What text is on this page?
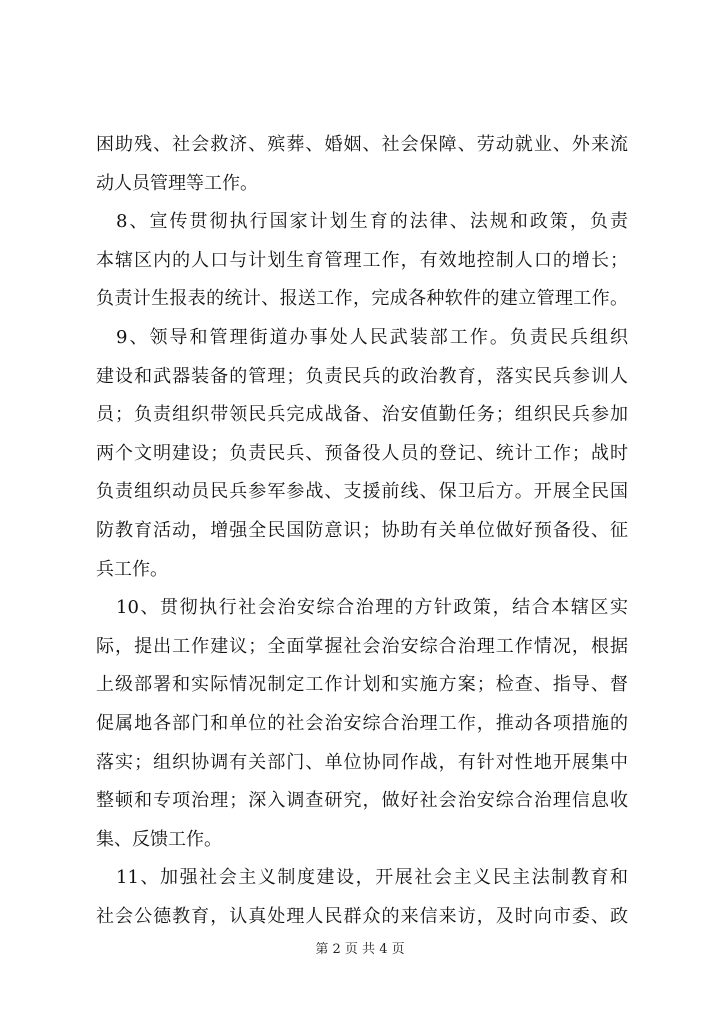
困助残、社会救济、殡葬、婚姻、社会保障、劳动就业、外来流
动人员管理等工作。
8、宣传贯彻执行国家计划生育的法律、法规和政策，负责
本辖区内的人口与计划生育管理工作，有效地控制人口的增长；
负责计生报表的统计、报送工作，完成各种软件的建立管理工作。
9、领导和管理街道办事处人民武装部工作。负责民兵组织
建设和武器装备的管理；负责民兵的政治教育，落实民兵参训人
员；负责组织带领民兵完成战备、治安值勤任务；组织民兵参加
两个文明建设；负责民兵、预备役人员的登记、统计工作；战时
负责组织动员民兵参军参战、支援前线、保卫后方。开展全民国
防教育活动，增强全民国防意识；协助有关单位做好预备役、征
兵工作。
10、贯彻执行社会治安综合治理的方针政策，结合本辖区实
际，提出工作建议；全面掌握社会治安综合治理工作情况，根据
上级部署和实际情况制定工作计划和实施方案；检查、指导、督
促属地各部门和单位的社会治安综合治理工作，推动各项措施的
落实；组织协调有关部门、单位协同作战，有针对性地开展集中
整顿和专项治理；深入调查研究，做好社会治安综合治理信息收
集、反馈工作。
11、加强社会主义制度建设，开展社会主义民主法制教育和
社会公德教育，认真处理人民群众的来信来访，及时向市委、政
第 2 页 共 4 页
